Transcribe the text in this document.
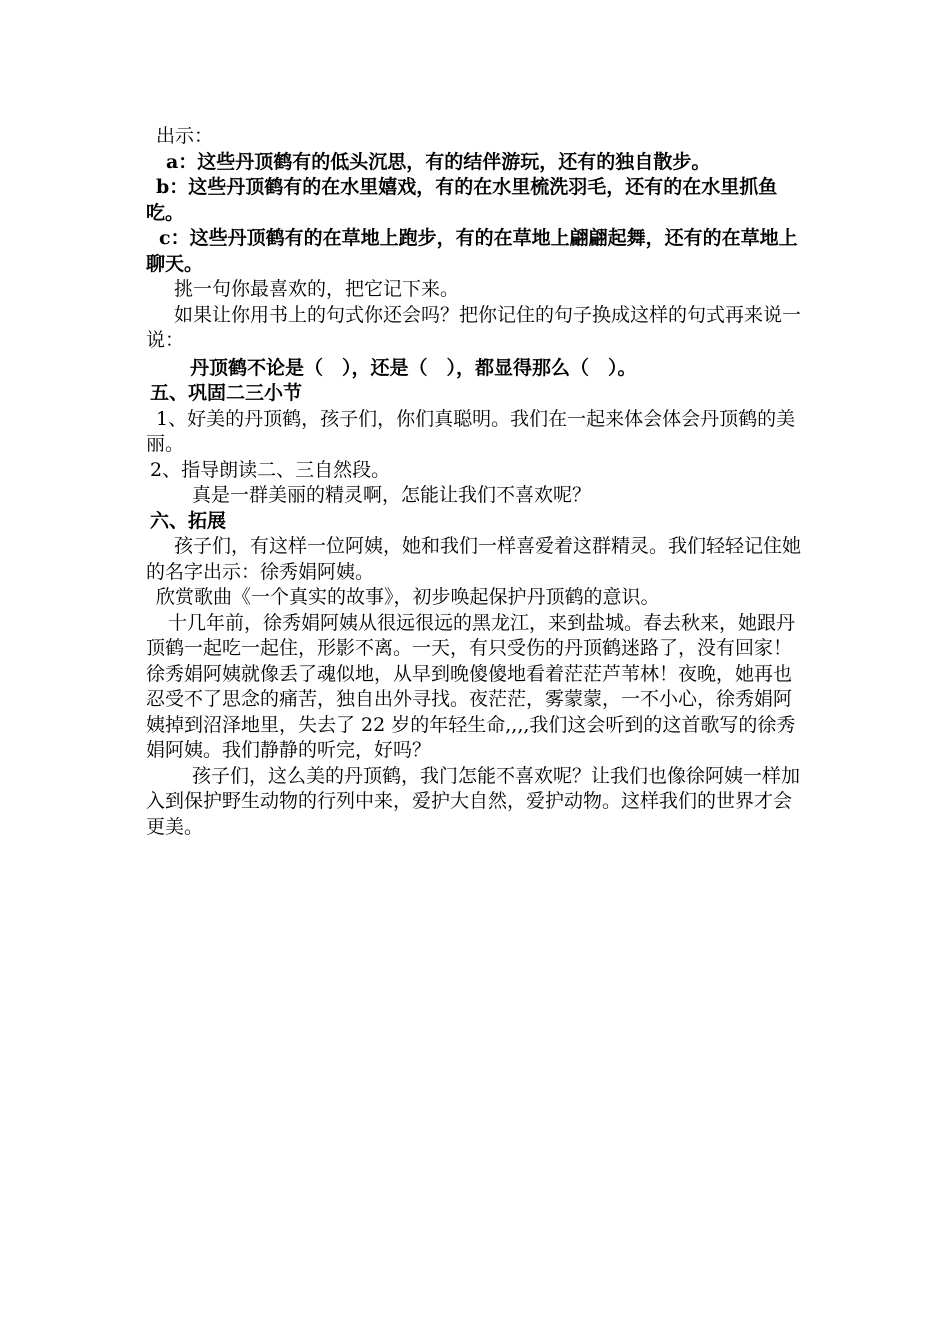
出示：

a：这些丹顶鹤有的低头沉思，有的结伴游玩，还有的独自散步。

b：这些丹顶鹤有的在水里嬉戏，有的在水里梳洗羽毛，还有的在水里抓鱼吃。

c：这些丹顶鹤有的在草地上跑步，有的在草地上翩翩起舞，还有的在草地上聊天。

挑一句你最喜欢的，把它记下来。

如果让你用书上的句式你还会吗？把你记住的句子换成这样的句式再来说一说：

丹顶鹤不论是（　），还是（　），都显得那么（　）。

五、巩固二三小节

1、好美的丹顶鹤，孩子们，你们真聪明。我们在一起来体会体会丹顶鹤的美丽。

2、指导朗读二、三自然段。

真是一群美丽的精灵啊，怎能让我们不喜欢呢？

六、拓展

孩子们，有这样一位阿姨，她和我们一样喜爱着这群精灵。我们轻轻记住她的名字出示：徐秀娟阿姨。

欣赏歌曲《一个真实的故事》，初步唤起保护丹顶鹤的意识。

十几年前，徐秀娟阿姨从很远很远的黑龙江，来到盐城。春去秋来，她跟丹顶鹤一起吃一起住，形影不离。一天，有只受伤的丹顶鹤迷路了，没有回家！徐秀娟阿姨就像丢了魂似地，从早到晚傻傻地看着茫茫芦苇林！夜晚，她再也忍受不了思念的痛苦，独自出外寻找。夜茫茫，雾蒙蒙，一不小心，徐秀娟阿姨掉到沼泽地里，失去了 22 岁的年轻生命,,,,我们这会听到的这首歌写的徐秀娟阿姨。我们静静的听完，好吗？

孩子们，这么美的丹顶鹤，我门怎能不喜欢呢？让我们也像徐阿姨一样加入到保护野生动物的行列中来，爱护大自然，爱护动物。这样我们的世界才会更美。
